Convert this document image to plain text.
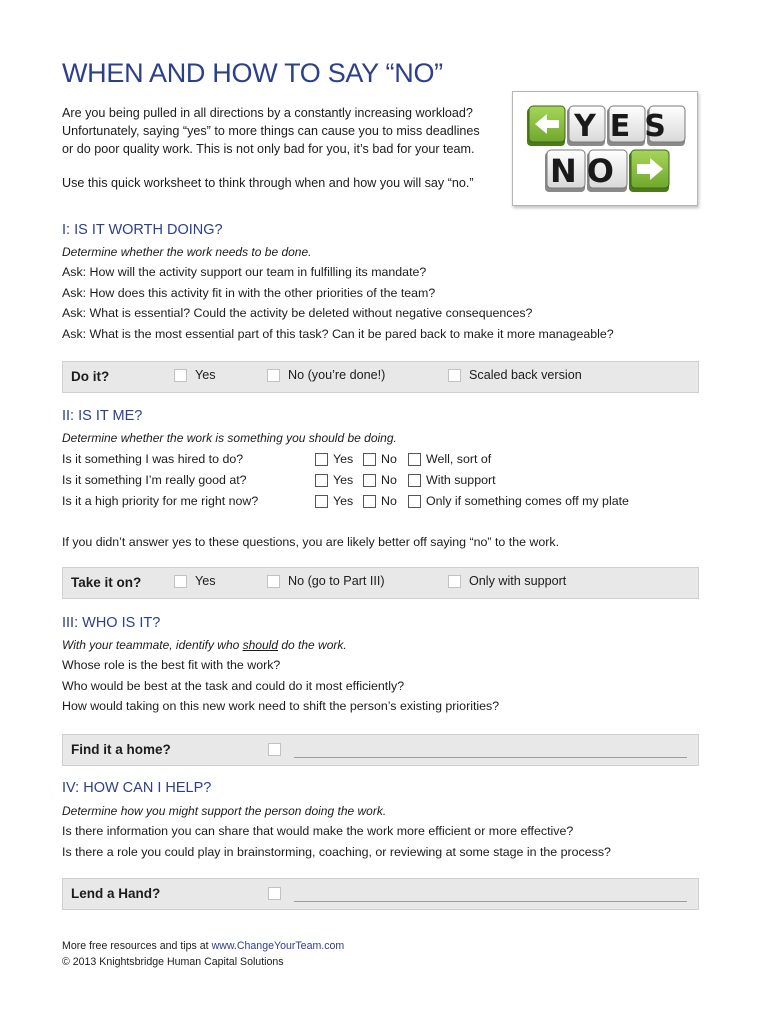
WHEN AND HOW TO SAY “NO”

Are you being pulled in all directions by a constantly increasing workload?
Unfortunately, saying “yes” to more things can cause you to miss deadlines
or do poor quality work. This is not only bad for you, it’s bad for your team.

Use this quick worksheet to think through when and how you will say “no.”

YES
NO
I: IS IT WORTH DOING?
Determine whether the work needs to be done.
Ask: How will the activity support our team in fulfilling its mandate?
Ask: How does this activity fit in with the other priorities of the team?
Ask: What is essential? Could the activity be deleted without negative consequences?
Ask: What is the most essential part of this task? Can it be pared back to make it more manageable?
Do it?	Yes	No (you’re done!)	Scaled back version
II: IS IT ME?
Determine whether the work is something you should be doing.
Is it something I was hired to do?	Yes No Well, sort of
Is it something I’m really good at?	Yes No With support
Is it a high priority for me right now?	Yes No Only if something comes off my plate
If you didn’t answer yes to these questions, you are likely better off saying “no” to the work.
Take it on?	Yes	No (go to Part III)	Only with support
III: WHO IS IT?
With your teammate, identify who should do the work.
Whose role is the best fit with the work?
Who would be best at the task and could do it most efficiently?
How would taking on this new work need to shift the person’s existing priorities?
Find it a home?
IV: HOW CAN I HELP?
Determine how you might support the person doing the work.
Is there information you can share that would make the work more efficient or more effective?
Is there a role you could play in brainstorming, coaching, or reviewing at some stage in the process?
Lend a Hand?
More free resources and tips at www.ChangeYourTeam.com
© 2013 Knightsbridge Human Capital Solutions
